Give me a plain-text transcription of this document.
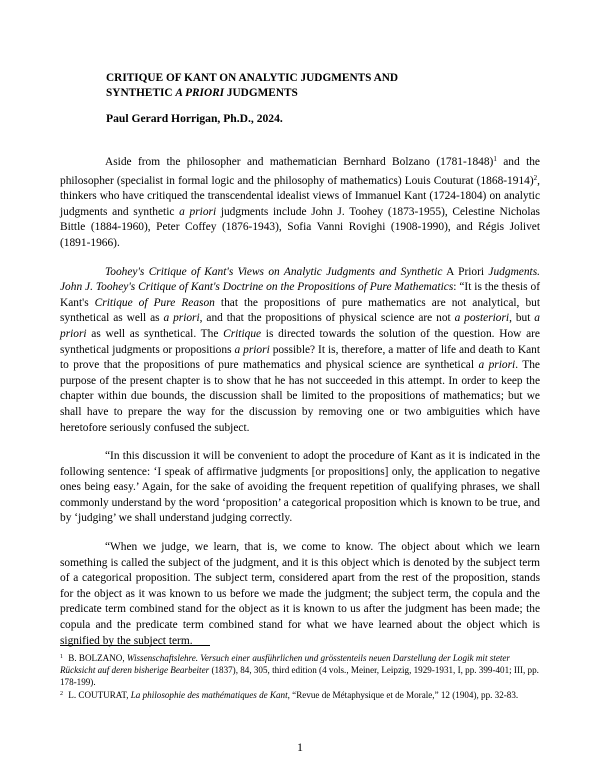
CRITIQUE OF KANT ON ANALYTIC JUDGMENTS AND
SYNTHETIC A PRIORI JUDGMENTS
Paul Gerard Horrigan, Ph.D., 2024.

Aside from the philosopher and mathematician Bernhard Bolzano (1781-1848)$^1$ and the philosopher (specialist in formal logic and the philosophy of mathematics) Louis Couturat (1868-1914)$^2$, thinkers who have critiqued the transcendental idealist views of Immanuel Kant (1724-1804) on analytic judgments and synthetic a priori judgments include John J. Toohey (1873-1955), Celestine Nicholas Bittle (1884-1960), Peter Coffey (1876-1943), Sofia Vanni Rovighi (1908-1990), and Régis Jolivet (1891-1966).

Toohey's Critique of Kant's Views on Analytic Judgments and Synthetic A Priori Judgments. John J. Toohey's Critique of Kant's Doctrine on the Propositions of Pure Mathematics: “It is the thesis of Kant's Critique of Pure Reason that the propositions of pure mathematics are not analytical, but synthetical as well as a priori, and that the propositions of physical science are not a posteriori, but a priori as well as synthetical. The Critique is directed towards the solution of the question. How are synthetical judgments or propositions a priori possible? It is, therefore, a matter of life and death to Kant to prove that the propositions of pure mathematics and physical science are synthetical a priori. The purpose of the present chapter is to show that he has not succeeded in this attempt. In order to keep the chapter within due bounds, the discussion shall be limited to the propositions of mathematics; but we shall have to prepare the way for the discussion by removing one or two ambiguities which have heretofore seriously confused the subject.

“In this discussion it will be convenient to adopt the procedure of Kant as it is indicated in the following sentence: ‘I speak of affirmative judgments [or propositions] only, the application to negative ones being easy.’ Again, for the sake of avoiding the frequent repetition of qualifying phrases, we shall commonly understand by the word ‘proposition’ a categorical proposition which is known to be true, and by ‘judging’ we shall understand judging correctly.

“When we judge, we learn, that is, we come to know. The object about which we learn something is called the subject of the judgment, and it is this object which is denoted by the subject term of a categorical proposition. The subject term, considered apart from the rest of the proposition, stands for the object as it was known to us before we made the judgment; the subject term, the copula and the predicate term combined stand for the object as it is known to us after the judgment has been made; the copula and the predicate term combined stand for what we have learned about the object which is signified by the subject term.

$^1$ B. BOLZANO, Wissenschaftslehre. Versuch einer ausführlichen und grösstenteils neuen Darstellung der Logik mit steter Rücksicht auf deren bisherige Bearbeiter (1837), 84, 305, third edition (4 vols., Meiner, Leipzig, 1929-1931, I, pp. 399-401; III, pp. 178-199).
$^2$ L. COUTURAT, La philosophie des mathématiques de Kant, “Revue de Métaphysique et de Morale,” 12 (1904), pp. 32-83.
1
